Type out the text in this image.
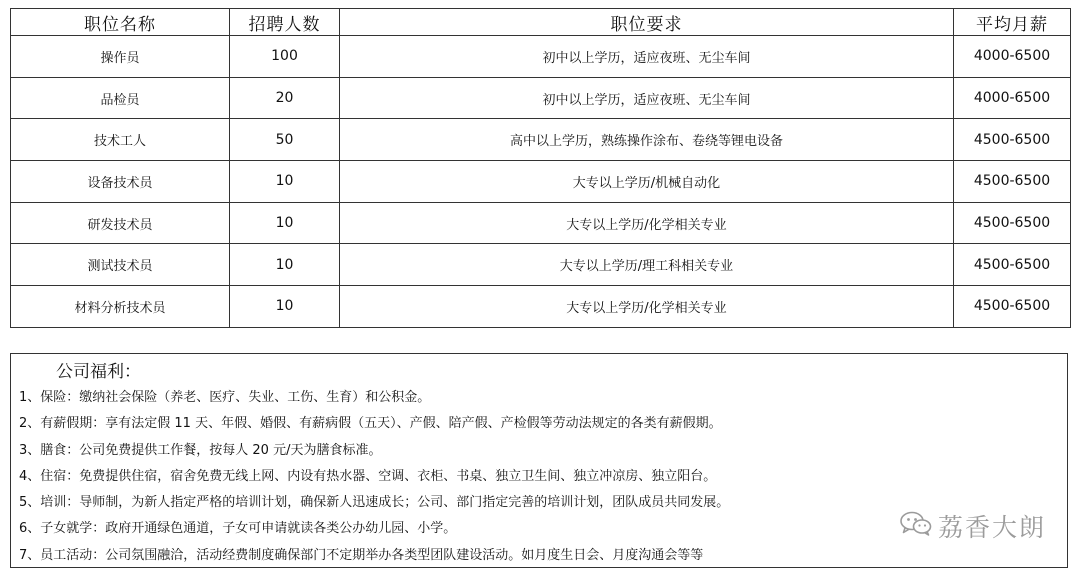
职位名称	招聘人数	职位要求	平均月薪
操作员	100	初中以上学历，适应夜班、无尘车间	4000-6500
品检员	20	初中以上学历，适应夜班、无尘车间	4000-6500
技术工人	50	高中以上学历，熟练操作涂布、卷绕等锂电设备	4500-6500
设备技术员	10	大专以上学历/机械自动化	4500-6500
研发技术员	10	大专以上学历/化学相关专业	4500-6500
测试技术员	10	大专以上学历/理工科相关专业	4500-6500
材料分析技术员	10	大专以上学历/化学相关专业	4500-6500
公司福利：
1、保险：缴纳社会保险（养老、医疗、失业、工伤、生育）和公积金。
2、有薪假期：享有法定假 11 天、年假、婚假、有薪病假（五天）、产假、陪产假、产检假等劳动法规定的各类有薪假期。
3、膳食：公司免费提供工作餐，按每人 20 元/天为膳食标准。
4、住宿：免费提供住宿，宿舍免费无线上网、内设有热水器、空调、衣柜、书桌、独立卫生间、独立冲凉房、独立阳台。
5、培训：导师制，为新人指定严格的培训计划，确保新人迅速成长；公司、部门指定完善的培训计划，团队成员共同发展。
6、子女就学：政府开通绿色通道，子女可申请就读各类公办幼儿园、小学。
7、员工活动：公司氛围融洽，活动经费制度确保部门不定期举办各类型团队建设活动。如月度生日会、月度沟通会等等
荔香大朗
